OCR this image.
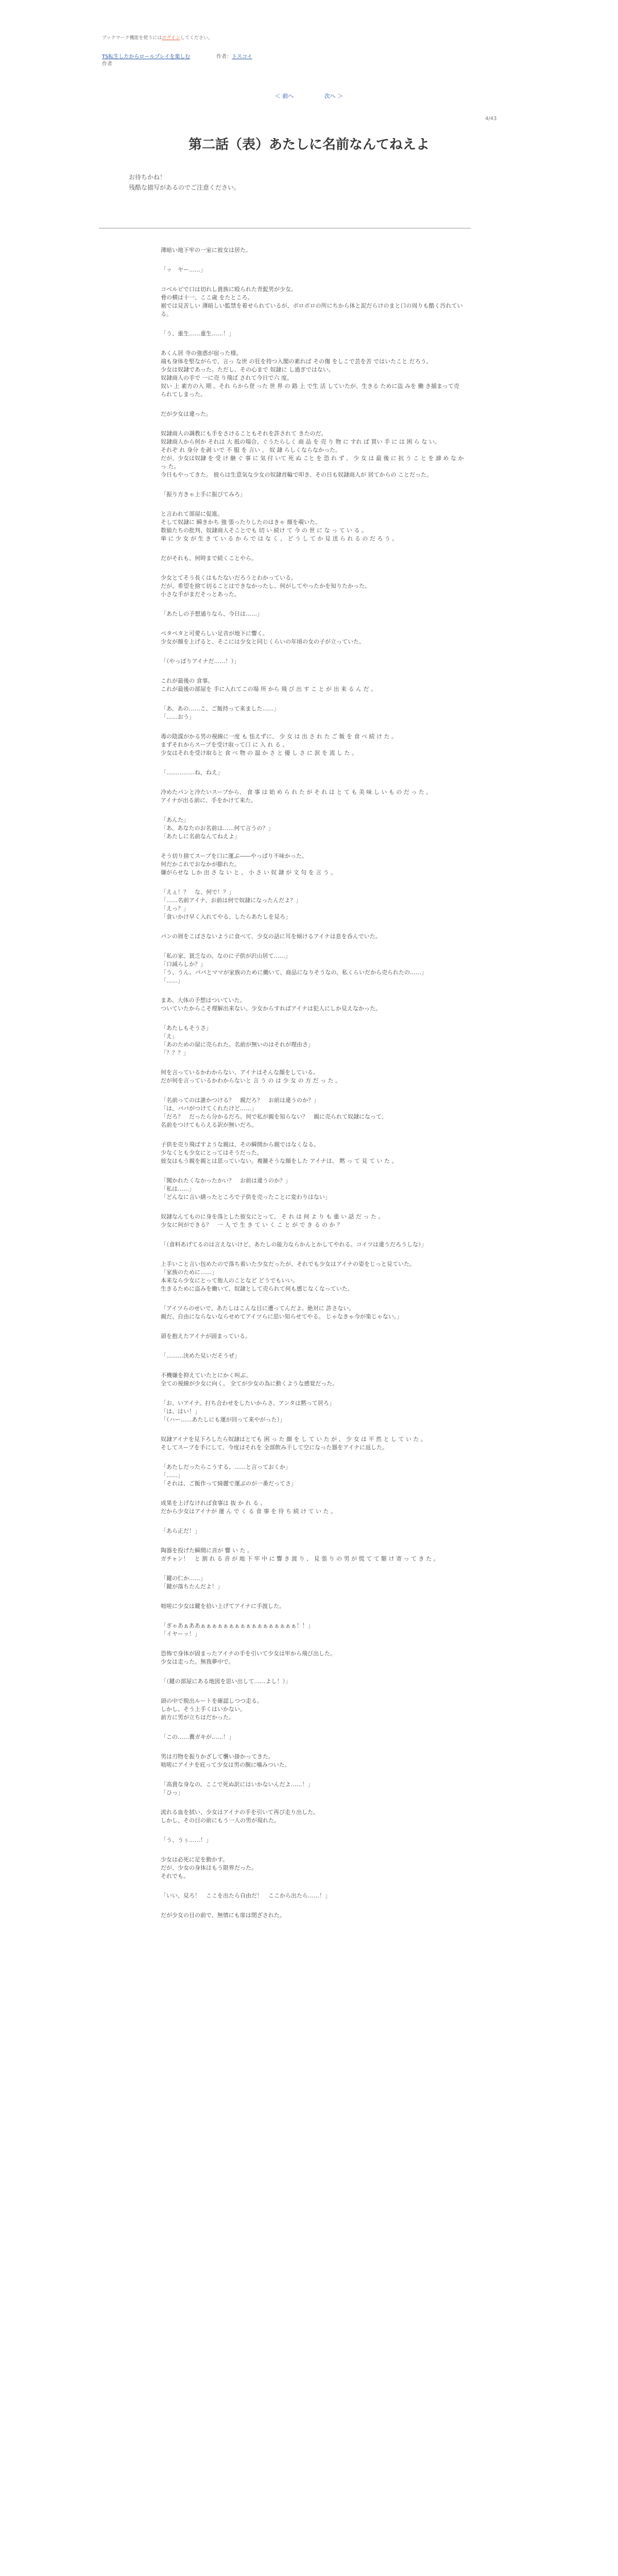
ブックマーク機能を使うにはログインしてください。
TS転生したからロールプレイを楽しむ	作者：トスコイ
作者
＜ 前へ	次へ ＞
4/43
第二話（表）あたしに名前なんてねえよ

お待ちかね！

残酷な描写があるのでご注意ください。

薄暗い地下牢の一室に彼女は居た。

「ッ　ヤー……」

コベルピで口は切れし貴族に殴られた青髭男が少女。
脅の横は十一、ここ歳 をたところ。
裾では見苦しい 薄暗しい監禁を着せられているが、ボロボロの所にちから体と泥だらけのまと口の周りも酷く汚れている。

「う、重生……重生……！」

あくん居 寺の強惑が宿った様。
端も身体を堅ながらで、言っ な世 の狂を持つ入閣の素れば その傷 をしこで芸を苦 ではいたこと だろう。
少女は奴隷であった。ただし、その心まで 奴隷に し過ぎではない。
奴隷商人の手で 一に売 り飛ば されて今日で六 度。
奴い 上 素方の入 期 。それ らから登 った 世 界 の 路 上 で生 活 していたが、生きる ために盗 みを 働 き捕まって売られてしまった。

だが少女は違った。

奴隷商人の調教にも手をさけることもそれを許されて きたのだ。
奴隷商人から何か それは 大 抵の場合、ぐうたらしく 商 品 を 売 り 物 に すれ ば 買い 手 に は 困 ら な い。
それぞ れ 身分 を剥 いで 不 服 を 言い 、 奴 隷 らしくならなかった。
だが、少女は奴隷 を 受 け 継 ぐ 事 に 気 付 いて 死 ぬ こと を 恐 れ ず 、 少 女 は 最 後 に 抗 う こ と を 諦 め な か っ た。
今日もやってきた。 彼らは生意気な少女の奴隷首輪で叩き、その日も奴隷商人が 居てからの ことだった。

「振り方きゃ上手に振びてみろ」

と言われて部屋に促進。
そして奴隷に 瞬きかち 強 張ったりしたのはきゃ 顔を覗いた。
数値たちの批判、奴隷商人そことでも 切 い 続け て 今 の 世 に な っ て い る 。
単 に 少 女 が 生 き て い る か ら で は な く 、 ど う し て か 見 送 ら れ る の だ ろ う 。

だがそれも、何時まで続くことやら。

少女とてそう長くはもたないだろうとわかっている。
だが、希望を捨て切ることはできなかったし、何がしてやったかを知りたかった。
小さな手がまだそっとあった。

「あたしの予想通りなら、今日は……」

ペタペタと可愛らしい足音が地下に響く。
少女が顔を上げると、そこには少女と同じくらいの年頃の女の子が立っていた。

「（やっぱりアイナだ……！）」

これが最後の 食事。
これが最後の部屋を 手に入れてこの場 所 から 飛 び 出 す こ と が 出 来 る ん だ 。

「あ、あの……こ、ご飯持って来ました……」
「……おう」

毒の陰謀がかる男の視線に一度 も 怯えずに、 少 女 は 出 さ れ た ご 飯 を 食 べ 続 け た 。
まずそれからスープを受け取って口 に 入 れ る 。
少女はそれを受け取ると 食 べ 物 の 温 か さ と 優 し さ に 涙 を 流 し た 。

「……………ね、ねえ」

冷めたパンと冷たいスープから、 食 事 は 始 め ら れ た が そ れ は と て も 美 味 し い も の だ っ た 。
アイナが出る前に、手をかけて来た。

「あんた」
「あ、あなたのお名前は……何て言うの？」
「あたしに名前なんてねえよ」

そう切り捨てスープを口に運ぶ――やっぱり不味かった。
何だかこれでおなかが膨れた。
嫌がらせな しか 出 さ な い と 、 小 さ い 奴 隷 が 文 句 を 言 う 。

「えぇ！？　な、何で！？」
「……名前アイナ、お前は何で奴隷になったんだよ？」
「えっ？」
「食いかけ早く入れてやる、したらあたしを見ろ」

パンの屑をこぼさないように食べて、少女の話に耳を傾けるアイナは息を呑んでいた。

「私の家、貧乏なの。なのに子供が沢山居て……」
「口減らしか？」
「う、うん。パパとママが家族のために働いて、商品になりそうなの、私くらいだから売られたの……」
「……」

まあ、大体の予想はついていた。
ついていたからこそ理解出来ない。少女からすればアイナは犯人にしか見えなかった。

「あたしもそうさ」
「え」
「あのための屋に売られた。名前が無いのはそれが理由さ」
「？？？」

何を言っているかわからない、アイナはそんな顔をしている。
だが何を言っているかわからないと 言 う の は 少 女 の 方 だ っ た 。

「名前ってのは誰かつける？　親だろ？　お前は違うのか？」
「は、パパがつけてくれたけど……」
「だろ？　だったら分かるだろ。何で私が親を知らない？　親に売られて奴隷になって、
名前をつけてもらえる訳が無いだろ。

子供を売り飛ばすような親は、その瞬間から親ではなくなる。
少なくとも少女にとってはそうだった。
彼女はもう親を親とは思っていない。複雑そうな顔をした アイナは、 黙 っ て 見 て い た 。

「聞かれたくなかったかい？　お前は違うのか？」
「私は……」
「どんなに言い繕ったところで子供を売ったことに変わりはない」

奴隷なんてものに身を落とした彼女にとって、 そ れ は 何 よ り も 重 い 話 だ っ た 。
少女に何ができる？　一 人 で 生 き て い く こ と が で き る の か ？

「（食料あげてるのは言えないけど、あたしの能力ならかんとかしてやれる。コイツは違うだろうしな）」

上手いこと言い包めたので落ち着いた少女だったが、それでも少女はアイナの姿をじっと見ていた。
「家族のために……」
本来なら少女にとって他人のことなど どうでもいい。
生きるために盗みを働いて、奴隷として売られて何も感じなくなっていた。

「アイツらのせいで、あたしはこんな目に遭ってんだよ。絶対に 許さない。
親だ、自由にならないならせめてアイツらに思い知らせてやる。 じゃなきゃ今が楽じゃない。」

頭を抱えたアイナが固まっている。

「………決めた見いだそうぜ」

不機嫌を抑えていたとにかく叫ぶ。
全ての視線が少女に向く。 全てが少女の為に動くような感覚だった。

「お、いアイナ。打ち合わせをしたいからさ、アンタは黙って居ろ」
「は、はい！」
「（ハー……あたしにも運が回って来やがった）」

奴隷アイナを見下ろしたら奴隷はとても 困 っ た 顔 を し て い た が 、 少 女 は 平 然 と し て い た 。
そしてスープを手にして、今度はそれを 全部飲み干して空になった器をアイナに返した。

「あたしだったらこうする、……と言っておくか」
「……」
「それは、ご飯作って綺麗で運ぶのが一番だってさ」

成果を上げなければ食事は 抜 か れ る 。
だから少女はアイナが 運 ん で く る 食 事 を 待 ち 続 け て い た 。

「あら正だ！」

陶器を投げた瞬間に音が 響 い た 。
ガチャン！　と 割 れ る 音 が 地 下 牢 中 に 響 き 渡 り 、 見 張 り の 男 が 慌 て て 駆 け 寄 っ て き た 。

「鍵の仁か……」
「鍵が落ちたんだよ！」

咄嗟に少女は鍵を拾い上げてアイナに手渡した。

「ぎゃあぁああぁぁぁぁぁぁぁぁぁぁぁぁぁぁぁぁぁ！！」
「イヤーッ！」

恐怖で身体が固まったアイナの手を引いて少女は牢から飛び出した。
少女は走った。無我夢中で。

「（鍵の部屋にある地図を思い出して……よし！）」

頭の中で脱出ルートを確認しつつ走る。
しかし、そう上手くはいかない。
前方に男が立ちはだかった。

「この……糞ガキが……！」

男は刃物を振りかざして襲い掛かってきた。
咄嗟にアイナを庇って少女は男の腕に噛みついた。

「高貴な身なの、ここで死ぬ訳にはいかないんだよ……！」
「ひっ」

流れる血を拭い、少女はアイナの手を引いて再び走り出した。
しかし、その目の前にもう一人の男が現れた。

「う、うぅ……！」

少女は必死に足を動かす。
だが、少女の身体はもう限界だった。
それでも。

「いい、見ろ！　ここを出たら自由だ！　ここから出たら……！」

だが少女の目の前で、無情にも扉は閉ざされた。
